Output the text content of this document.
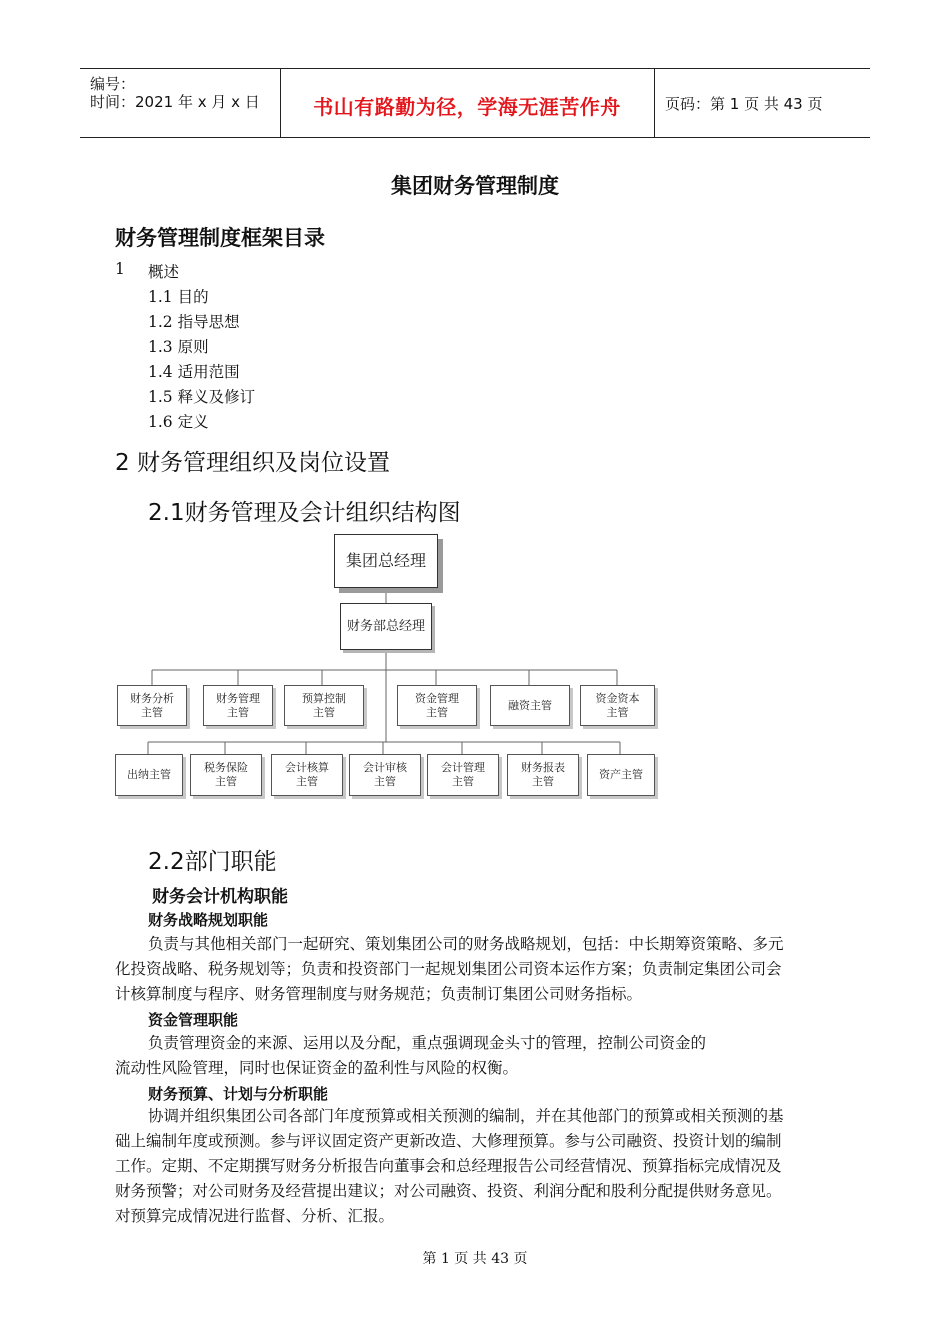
编号：
时间：2021 年 x 月 x 日	书山有路勤为径，学海无涯苦作舟	页码：第 1 页 共 43 页
集团财务管理制度
财务管理制度框架目录
1 概述
1.1 目的
1.2 指导思想
1.3 原则
1.4 适用范围
1.5 释义及修订
1.6 定义
2 财务管理组织及岗位设置
2.1财务管理及会计组织结构图
集团总经理
财务部总经理
财务分析
主管
财务管理
主管
预算控制
主管
资金管理
主管
融资主管
资金资本
主管
出纳主管
税务保险
主管
会计核算
主管
会计审核
主管
会计管理
主管
财务报表
主管
资产主管
2.2部门职能
财务会计机构职能
财务战略规划职能
负责与其他相关部门一起研究、策划集团公司的财务战略规划，包括：中长期筹资策略、多元
化投资战略、税务规划等；负责和投资部门一起规划集团公司资本运作方案；负责制定集团公司会
计核算制度与程序、财务管理制度与财务规范；负责制订集团公司财务指标。
资金管理职能
负责管理资金的来源、运用以及分配，重点强调现金头寸的管理，控制公司资金的
流动性风险管理，同时也保证资金的盈利性与风险的权衡。
财务预算、计划与分析职能
协调并组织集团公司各部门年度预算或相关预测的编制，并在其他部门的预算或相关预测的基
础上编制年度或预测。参与评议固定资产更新改造、大修理预算。参与公司融资、投资计划的编制
工作。定期、不定期撰写财务分析报告向董事会和总经理报告公司经营情况、预算指标完成情况及
财务预警；对公司财务及经营提出建议；对公司融资、投资、利润分配和股利分配提供财务意见。
对预算完成情况进行监督、分析、汇报。
第 1 页 共 43 页
